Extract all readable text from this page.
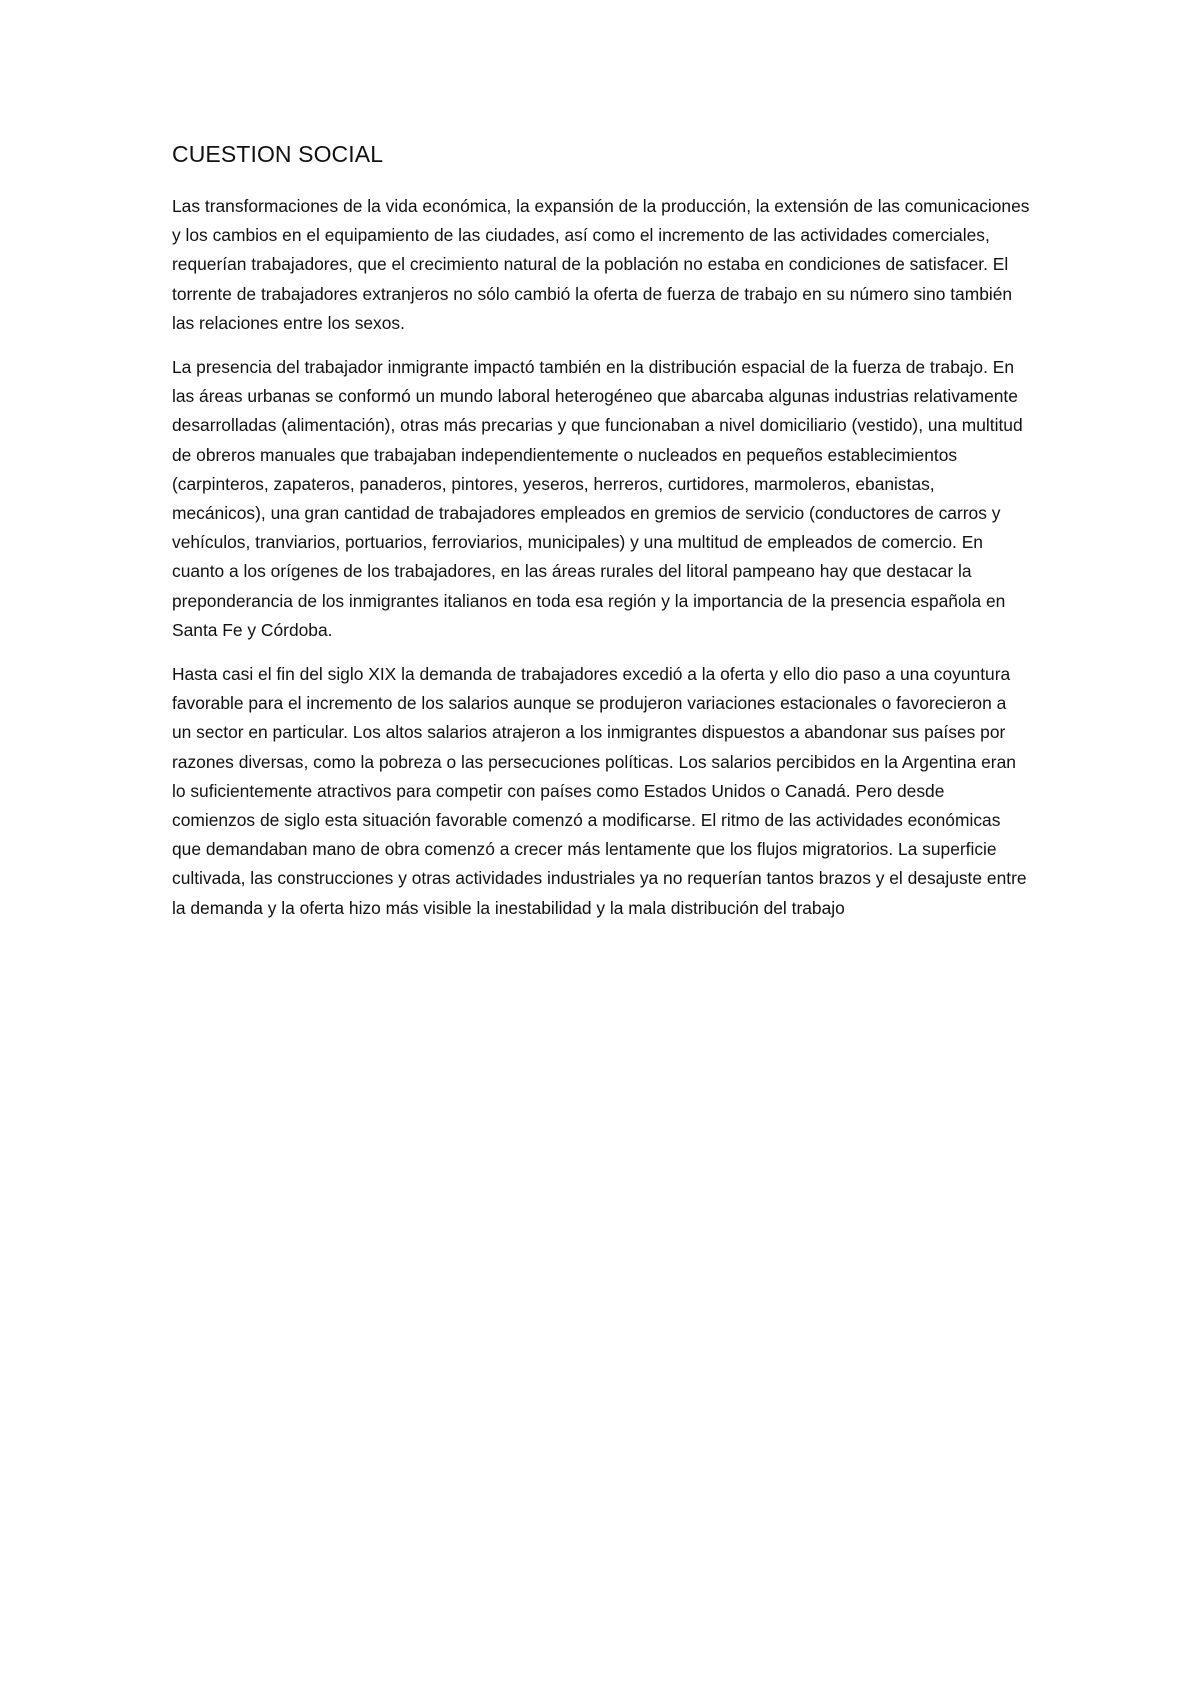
CUESTION SOCIAL

Las transformaciones de la vida económica, la expansión de la producción, la extensión de las comunicaciones y los cambios en el equipamiento de las ciudades, así como el incremento de las actividades comerciales, requerían trabajadores, que el crecimiento natural de la población no estaba en condiciones de satisfacer. El torrente de trabajadores extranjeros no sólo cambió la oferta de fuerza de trabajo en su número sino también las relaciones entre los sexos.

La presencia del trabajador inmigrante impactó también en la distribución espacial de la fuerza de trabajo. En las áreas urbanas se conformó un mundo laboral heterogéneo que abarcaba algunas industrias relativamente desarrolladas (alimentación), otras más precarias y que funcionaban a nivel domiciliario (vestido), una multitud de obreros manuales que trabajaban independientemente o nucleados en pequeños establecimientos (carpinteros, zapateros, panaderos, pintores, yeseros, herreros, curtidores, marmoleros, ebanistas, mecánicos), una gran cantidad de trabajadores empleados en gremios de servicio (conductores de carros y vehículos, tranviarios, portuarios, ferroviarios, municipales) y una multitud de empleados de comercio. En cuanto a los orígenes de los trabajadores, en las áreas rurales del litoral pampeano hay que destacar la preponderancia de los inmigrantes italianos en toda esa región y la importancia de la presencia española en Santa Fe y Córdoba.

Hasta casi el fin del siglo XIX la demanda de trabajadores excedió a la oferta y ello dio paso a una coyuntura favorable para el incremento de los salarios aunque se produjeron variaciones estacionales o favorecieron a un sector en particular. Los altos salarios atrajeron a los inmigrantes dispuestos a abandonar sus países por razones diversas, como la pobreza o las persecuciones políticas. Los salarios percibidos en la Argentina eran lo suficientemente atractivos para competir con países como Estados Unidos o Canadá. Pero desde comienzos de siglo esta situación favorable comenzó a modificarse. El ritmo de las actividades económicas que demandaban mano de obra comenzó a crecer más lentamente que los flujos migratorios. La superficie cultivada, las construcciones y otras actividades industriales ya no requerían tantos brazos y el desajuste entre la demanda y la oferta hizo más visible la inestabilidad y la mala distribución del trabajo
